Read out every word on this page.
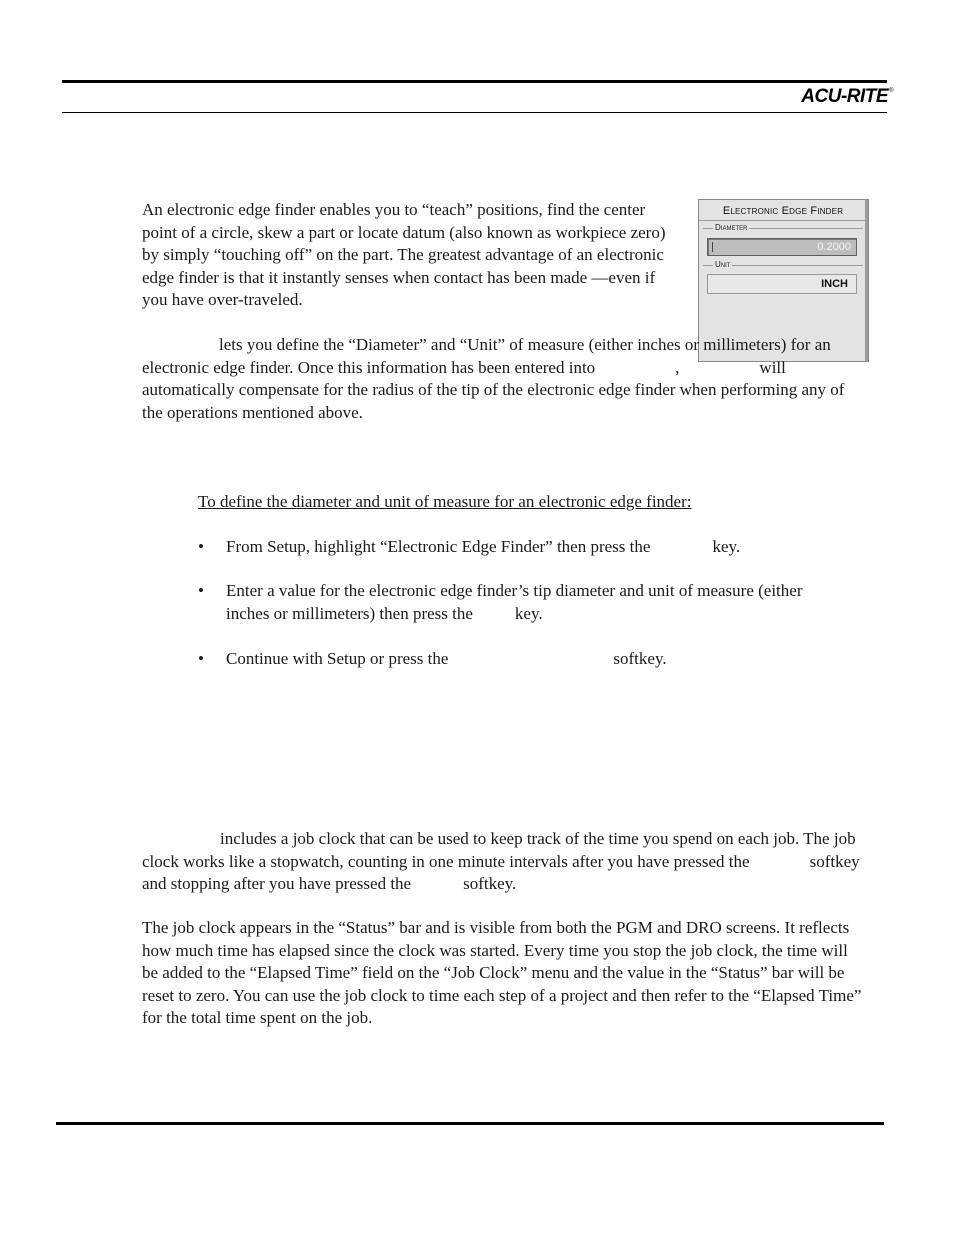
ACU-RITE®
An electronic edge finder enables you to “teach” positions, find the center point of a circle, skew a part or locate datum (also known as workpiece zero) by simply “touching off” on the part. The greatest advantage of an electronic edge finder is that it instantly senses when contact has been made —even if you have over-traveled.
Electronic Edge Finder
Diameter
0.2000
Unit
INCH
lets you define the “Diameter” and “Unit” of measure (either inches or millimeters) for an electronic edge finder. Once this information has been entered into	,	will automatically compensate for the radius of the tip of the electronic edge finder when performing any of the operations mentioned above.
To define the diameter and unit of measure for an electronic edge finder:
• From Setup, highlight “Electronic Edge Finder” then press the	key.
• Enter a value for the electronic edge finder’s tip diameter and unit of measure (either inches or millimeters) then press the key.
• Continue with Setup or press the	softkey.
includes a job clock that can be used to keep track of the time you spend on each job. The job clock works like a stopwatch, counting in one minute intervals after you have pressed the	softkey and stopping after you have pressed the	softkey.
The job clock appears in the “Status” bar and is visible from both the PGM and DRO screens. It reflects how much time has elapsed since the clock was started. Every time you stop the job clock, the time will be added to the “Elapsed Time” field on the “Job Clock” menu and the value in the “Status” bar will be reset to zero. You can use the job clock to time each step of a project and then refer to the “Elapsed Time” for the total time spent on the job.
